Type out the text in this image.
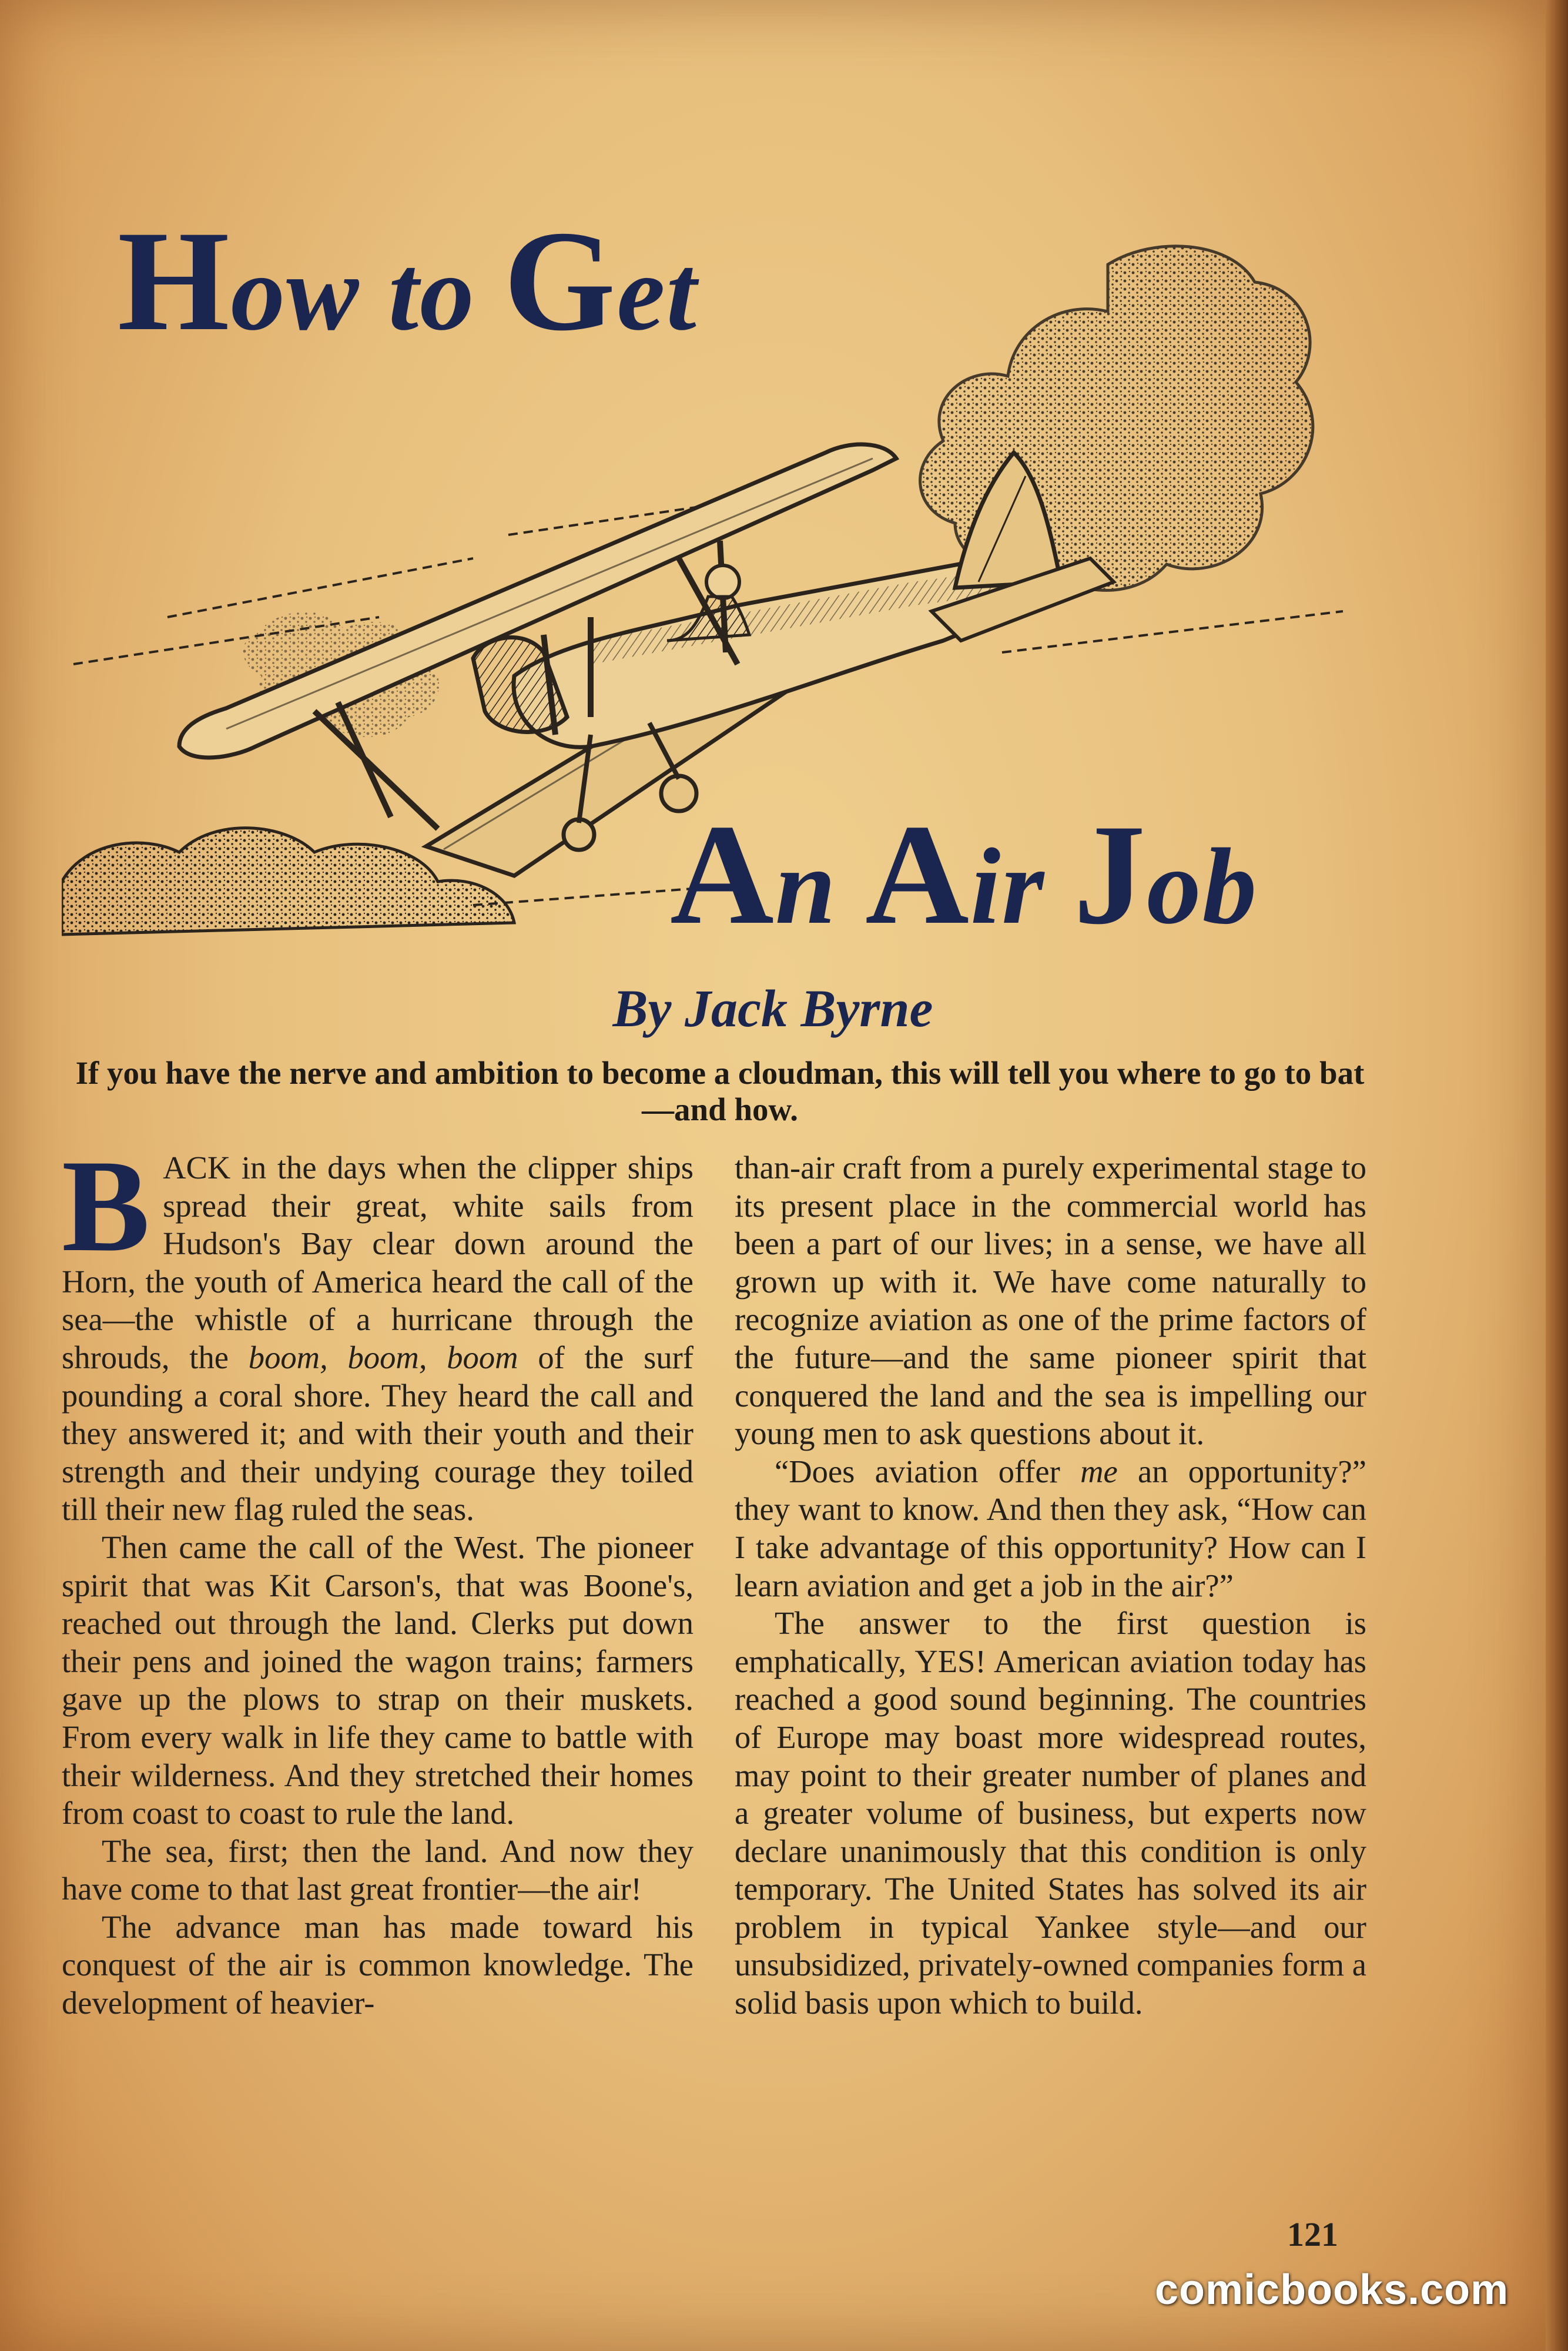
How to Get
An Air Job
By Jack Byrne
If you have the nerve and ambition to become a cloudman, this will tell you where to go to bat—and how.

BACK in the days when the clipper ships spread their great, white sails from Hudson's Bay clear down around the Horn, the youth of America heard the call of the sea—the whistle of a hurricane through the shrouds, the boom, boom, boom of the surf pounding a coral shore. They heard the call and they answered it; and with their youth and their strength and their undying courage they toiled till their new flag ruled the seas.

Then came the call of the West. The pioneer spirit that was Kit Carson's, that was Boone's, reached out through the land. Clerks put down their pens and joined the wagon trains; farmers gave up the plows to strap on their muskets. From every walk in life they came to battle with their wilderness. And they stretched their homes from coast to coast to rule the land.

The sea, first; then the land. And now they have come to that last great frontier—the air!

The advance man has made toward his conquest of the air is common knowledge. The development of heavier-

than-air craft from a purely experimental stage to its present place in the commercial world has been a part of our lives; in a sense, we have all grown up with it. We have come naturally to recognize aviation as one of the prime factors of the future—and the same pioneer spirit that conquered the land and the sea is impelling our young men to ask questions about it.

“Does aviation offer me an opportunity?” they want to know. And then they ask, “How can I take advantage of this opportunity? How can I learn aviation and get a job in the air?”

The answer to the first question is emphatically, YES! American aviation today has reached a good sound beginning. The countries of Europe may boast more widespread routes, may point to their greater number of planes and a greater volume of business, but experts now declare unanimously that this condition is only temporary. The United States has solved its air problem in typical Yankee style—and our unsubsidized, privately-owned companies form a solid basis upon which to build.

121
comicbooks.com
